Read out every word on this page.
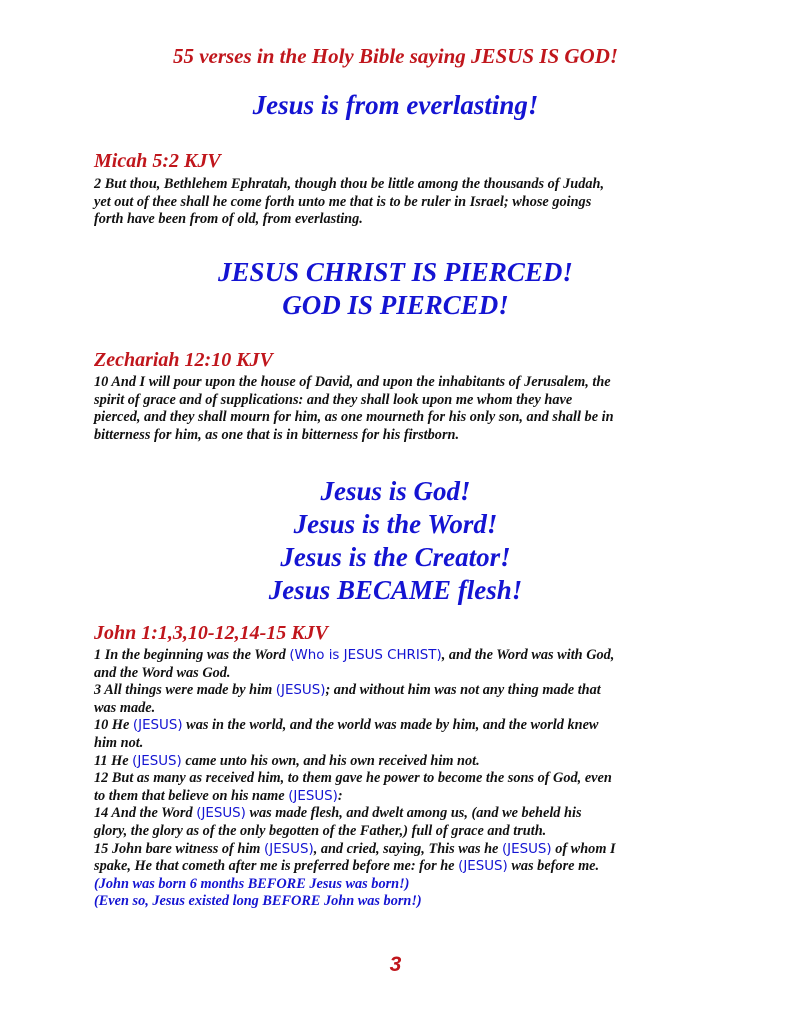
55 verses in the Holy Bible saying JESUS IS GOD!
Jesus is from everlasting!
Micah 5:2 KJV
2 But thou, Bethlehem Ephratah, though thou be little among the thousands of Judah,
yet out of thee shall he come forth unto me that is to be ruler in Israel; whose goings
forth have been from of old, from everlasting.
JESUS CHRIST IS PIERCED!
GOD IS PIERCED!
Zechariah 12:10 KJV
10 And I will pour upon the house of David, and upon the inhabitants of Jerusalem, the
spirit of grace and of supplications: and they shall look upon me whom they have
pierced, and they shall mourn for him, as one mourneth for his only son, and shall be in
bitterness for him, as one that is in bitterness for his firstborn.
Jesus is God!
Jesus is the Word!
Jesus is the Creator!
Jesus BECAME flesh!
John 1:1,3,10-12,14-15 KJV
1 In the beginning was the Word (Who is JESUS CHRIST), and the Word was with God,
and the Word was God.
3 All things were made by him (JESUS); and without him was not any thing made that
was made.
10 He (JESUS) was in the world, and the world was made by him, and the world knew
him not.
11 He (JESUS) came unto his own, and his own received him not.
12 But as many as received him, to them gave he power to become the sons of God, even
to them that believe on his name (JESUS):
14 And the Word (JESUS) was made flesh, and dwelt among us, (and we beheld his
glory, the glory as of the only begotten of the Father,) full of grace and truth.
15 John bare witness of him (JESUS), and cried, saying, This was he (JESUS) of whom I
spake, He that cometh after me is preferred before me: for he (JESUS) was before me.
(John was born 6 months BEFORE Jesus was born!)
(Even so, Jesus existed long BEFORE John was born!)
3
